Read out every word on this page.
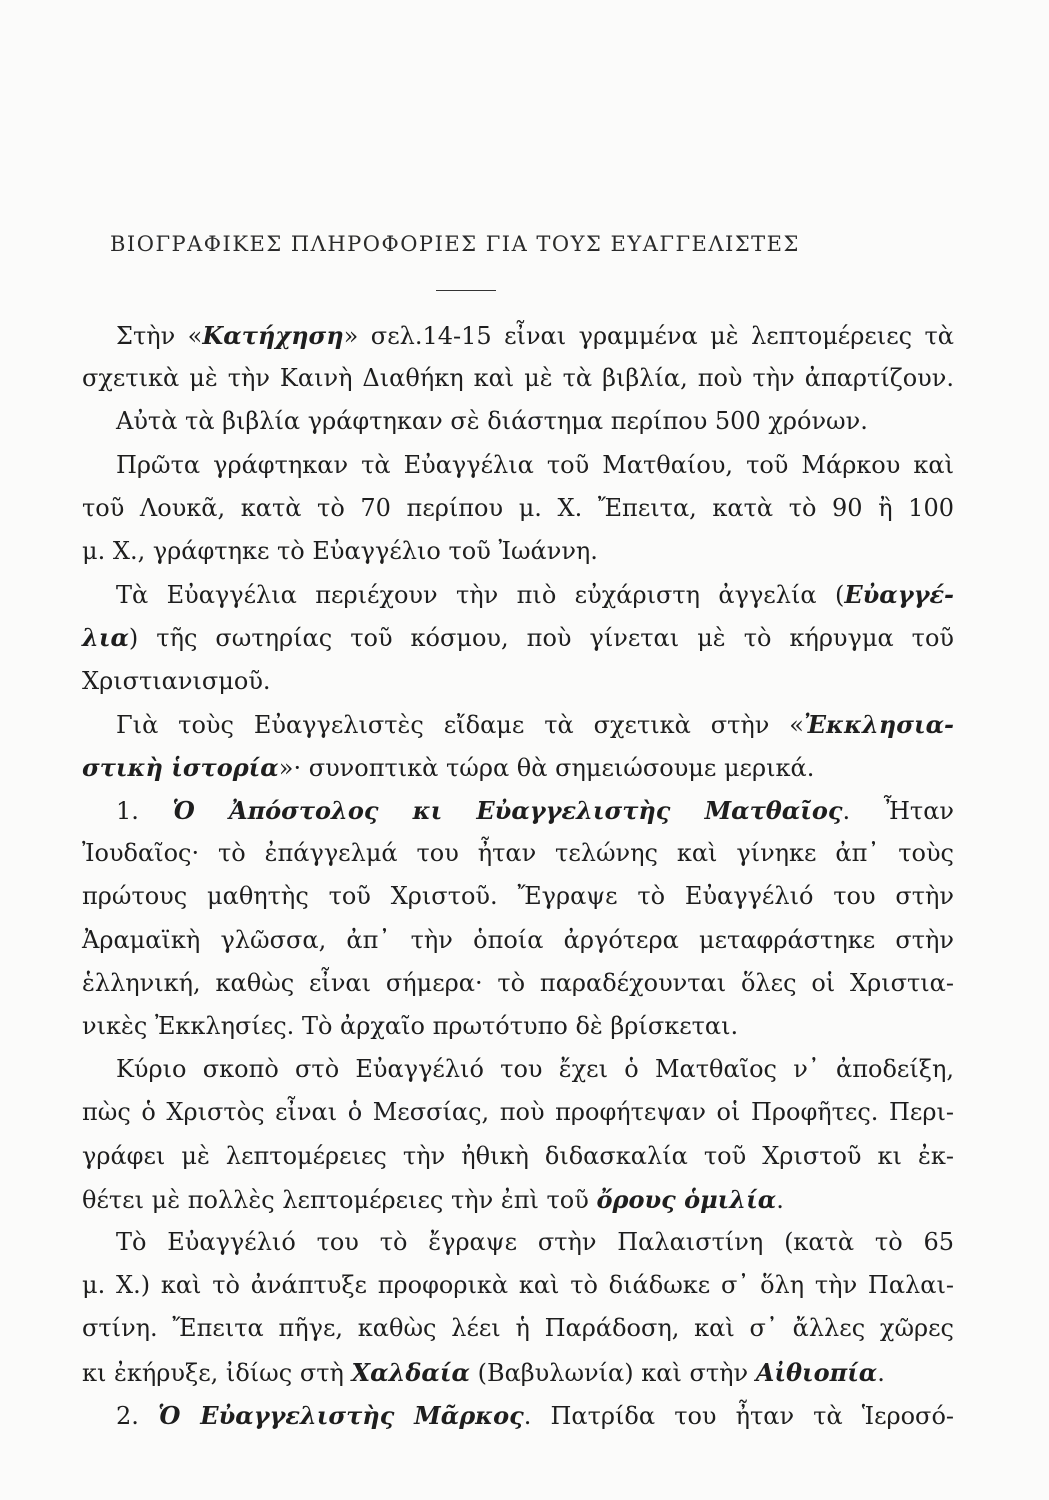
ΒΙΟΓΡΑΦΙΚΕΣ ΠΛΗΡΟΦΟΡΙΕΣ ΓΙΑ ΤΟΥΣ ΕΥΑΓΓΕΛΙΣΤΕΣ
Στὴν «Κατήχηση» σελ.14-15 εἶναι γραμμένα μὲ λεπτομέρειες τὰ
σχετικὰ μὲ τὴν Καινὴ Διαθήκη καὶ μὲ τὰ βιβλία, ποὺ τὴν ἀπαρτίζουν.
Αὐτὰ τὰ βιβλία γράφτηκαν σὲ διάστημα περίπου 500 χρόνων.
Πρῶτα γράφτηκαν τὰ Εὐαγγέλια τοῦ Ματθαίου, τοῦ Μάρκου καὶ
τοῦ Λουκᾶ, κατὰ τὸ 70 περίπου μ. Χ. Ἔπειτα, κατὰ τὸ 90 ἢ 100
μ. Χ., γράφτηκε τὸ Εὐαγγέλιο τοῦ Ἰωάννη.
Τὰ Εὐαγγέλια περιέχουν τὴν πιὸ εὐχάριστη ἀγγελία (Εὐαγγέ-
λια) τῆς σωτηρίας τοῦ κόσμου, ποὺ γίνεται μὲ τὸ κήρυγμα τοῦ
Χριστιανισμοῦ.
Γιὰ τοὺς Εὐαγγελιστὲς εἴδαμε τὰ σχετικὰ στὴν «Ἐκκλησια-
στικὴ ἱστορία»· συνοπτικὰ τώρα θὰ σημειώσουμε μερικά.
1. Ὁ Ἀπόστολος κι Εὐαγγελιστὴς Ματθαῖος. Ἦταν
Ἰουδαῖος· τὸ ἐπάγγελμά του ἦταν τελώνης καὶ γίνηκε ἀπ᾽ τοὺς
πρώτους μαθητὴς τοῦ Χριστοῦ. Ἔγραψε τὸ Εὐαγγέλιό του στὴν
Ἀραμαϊκὴ γλῶσσα, ἀπ᾽ τὴν ὁποία ἀργότερα μεταφράστηκε στὴν
ἑλληνική, καθὼς εἶναι σήμερα· τὸ παραδέχουνται ὅλες οἱ Χριστια-
νικὲς Ἐκκλησίες. Τὸ ἀρχαῖο πρωτότυπο δὲ βρίσκεται.
Κύριο σκοπὸ στὸ Εὐαγγέλιό του ἔχει ὁ Ματθαῖος ν᾽ ἀποδείξη,
πὼς ὁ Χριστὸς εἶναι ὁ Μεσσίας, ποὺ προφήτεψαν οἱ Προφῆτες. Περι-
γράφει μὲ λεπτομέρειες τὴν ἠθικὴ διδασκαλία τοῦ Χριστοῦ κι ἐκ-
θέτει μὲ πολλὲς λεπτομέρειες τὴν ἐπὶ τοῦ ὄρους ὁμιλία.
Τὸ Εὐαγγέλιό του τὸ ἔγραψε στὴν Παλαιστίνη (κατὰ τὸ 65
μ. Χ.) καὶ τὸ ἀνάπτυξε προφορικὰ καὶ τὸ διάδωκε σ᾽ ὅλη τὴν Παλαι-
στίνη. Ἔπειτα πῆγε, καθὼς λέει ἡ Παράδοση, καὶ σ᾽ ἄλλες χῶρες
κι ἐκήρυξε, ἰδίως στὴ Χαλδαία (Βαβυλωνία) καὶ στὴν Αἰθιοπία.
2. Ὁ Εὐαγγελιστὴς Μᾶρκος. Πατρίδα του ἦταν τὰ Ἱεροσό-
